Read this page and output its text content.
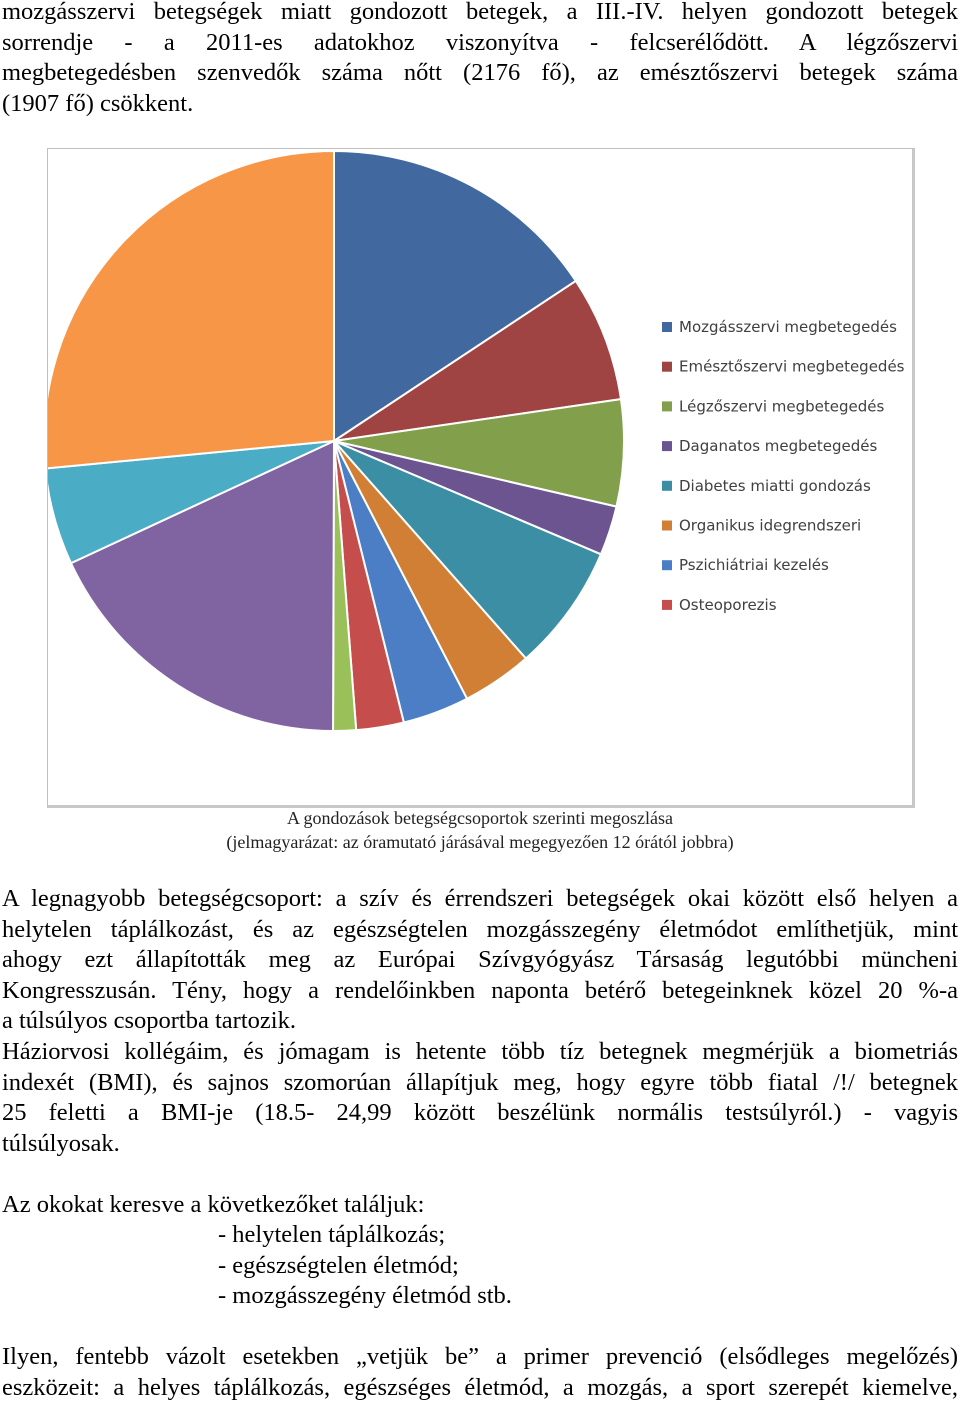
mozgásszervi betegségek miatt gondozott betegek, a III.-IV. helyen gondozott betegek
sorrendje - a 2011-es adatokhoz viszonyítva - felcserélődött. A légzőszervi
megbetegedésben szenvedők száma nőtt (2176 fő), az emésztőszervi betegek száma
(1907 fő) csökkent.
Mozgásszervi megbetegedés
Emésztőszervi megbetegedés
Légzőszervi megbetegedés
Daganatos megbetegedés
Diabetes miatti gondozás
Organikus idegrendszeri
Pszichiátriai kezelés
Osteoporezis
A gondozások betegségcsoportok szerinti megoszlása
(jelmagyarázat: az óramutató járásával megegyezően 12 órától jobbra)
A legnagyobb betegségcsoport: a szív és érrendszeri betegségek okai között első helyen a
helytelen táplálkozást, és az egészségtelen mozgásszegény életmódot említhetjük, mint
ahogy ezt állapították meg az Európai Szívgyógyász Társaság legutóbbi müncheni
Kongresszusán. Tény, hogy a rendelőinkben naponta betérő betegeinknek közel 20 %-a
a túlsúlyos csoportba tartozik.
Háziorvosi kollégáim, és jómagam is hetente több tíz betegnek megmérjük a biometriás
indexét (BMI), és sajnos szomorúan állapítjuk meg, hogy egyre több fiatal /!/ betegnek
25 feletti a BMI-je (18.5- 24,99 között beszélünk normális testsúlyról.) - vagyis
túlsúlyosak.
Az okokat keresve a következőket találjuk:
- helytelen táplálkozás;
- egészségtelen életmód;
- mozgásszegény életmód stb.
Ilyen, fentebb vázolt esetekben „vetjük be” a primer prevenció (elsődleges megelőzés)
eszközeit: a helyes táplálkozás, egészséges életmód, a mozgás, a sport szerepét kiemelve,
